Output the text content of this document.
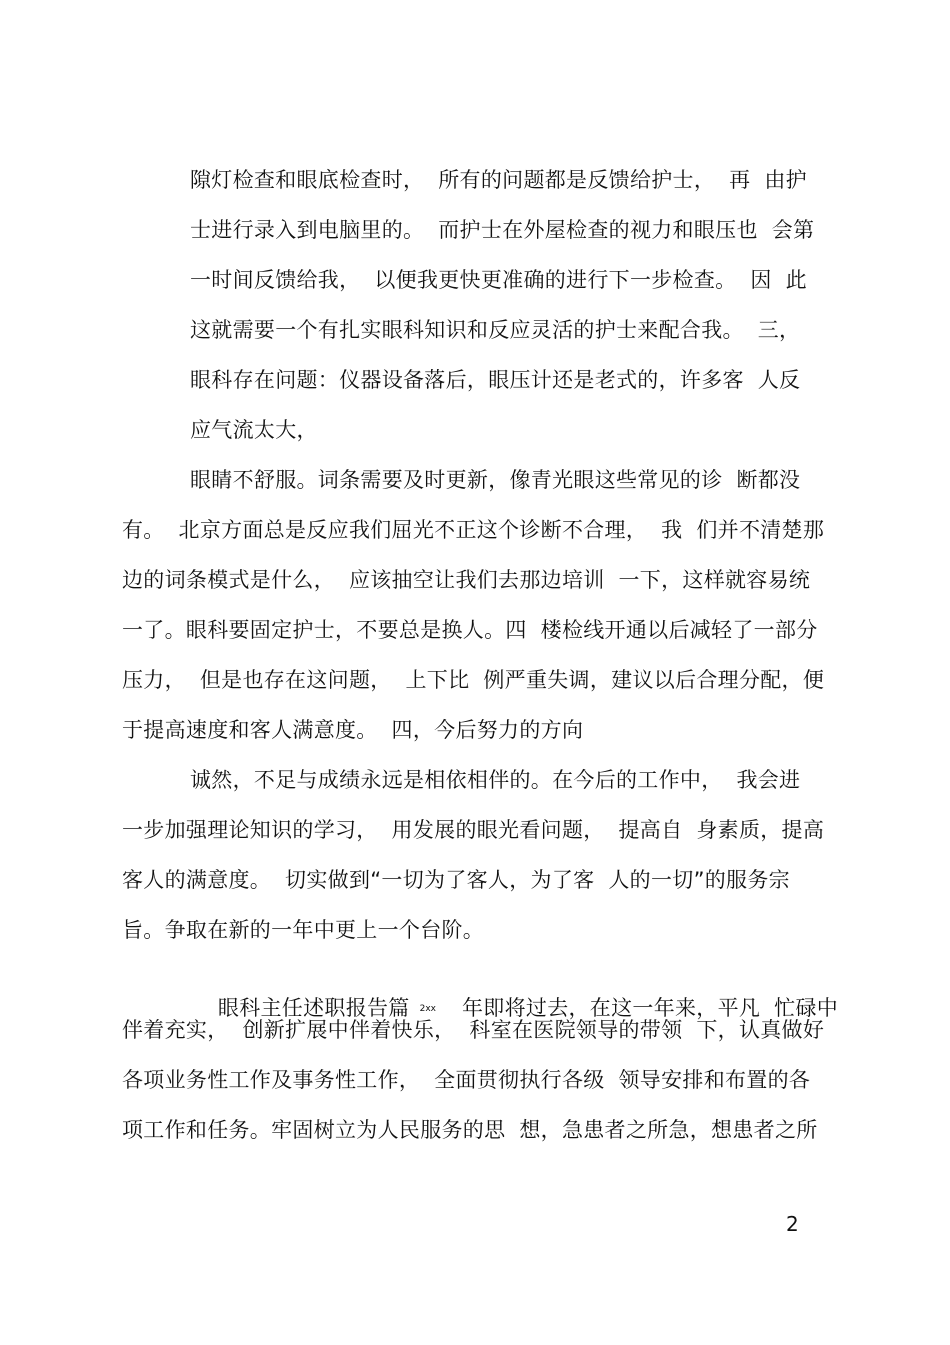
隙灯检查和眼底检查时，  所有的问题都是反馈给护士，  再  由护
士进行录入到电脑里的。  而护士在外屋检查的视力和眼压也  会第
一时间反馈给我，  以便我更快更准确的进行下一步检查。  因  此
这就需要一个有扎实眼科知识和反应灵活的护士来配合我。  三，
眼科存在问题：仪器设备落后，眼压计还是老式的，许多客  人反
应气流太大，
眼睛不舒服。词条需要及时更新，像青光眼这些常见的诊  断都没
有。  北京方面总是反应我们屈光不正这个诊断不合理，  我  们并不清楚那
边的词条模式是什么，  应该抽空让我们去那边培训  一下，这样就容易统
一了。眼科要固定护士，不要总是换人。四  楼检线开通以后减轻了一部分
压力，  但是也存在这问题，  上下比  例严重失调，建议以后合理分配，便
于提高速度和客人满意度。  四，今后努力的方向
诚然，不足与成绩永远是相依相伴的。在今后的工作中，  我会进
一步加强理论知识的学习，  用发展的眼光看问题，  提高自  身素质，提高
客人的满意度。  切实做到“一切为了客人，为了客  人的一切”的服务宗
旨。争取在新的一年中更上一个台阶。

眼科主任述职报告篇 2xx 年即将过去，在这一年来，平凡  忙碌中

伴着充实，  创新扩展中伴着快乐，  科室在医院领导的带领  下，认真做好
各项业务性工作及事务性工作，  全面贯彻执行各级  领导安排和布置的各
项工作和任务。牢固树立为人民服务的思  想，急患者之所急，想患者之所
2
